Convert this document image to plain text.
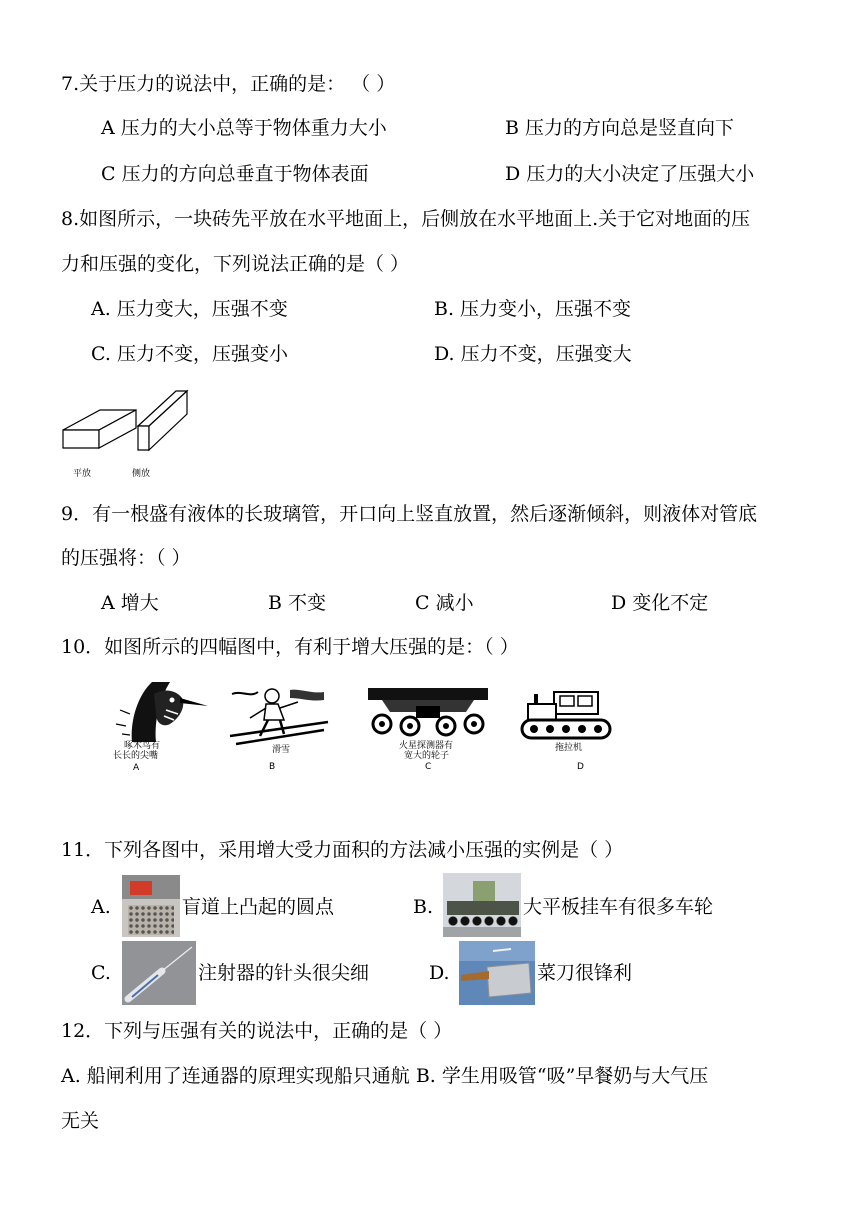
7.关于压力的说法中，正确的是： （ ）
A 压力的大小总等于物体重力大小	B 压力的方向总是竖直向下
C 压力的方向总垂直于物体表面	D 压力的大小决定了压强大小
8.如图所示，一块砖先平放在水平地面上，后侧放在水平地面上.关于它对地面的压
力和压强的变化，下列说法正确的是（ ）
A. 压力变大，压强不变	B. 压力变小，压强不变
C. 压力不变，压强变小	D. 压力不变，压强变大
平放	侧放
9．有一根盛有液体的长玻璃管，开口向上竖直放置，然后逐渐倾斜，则液体对管底
的压强将：（ ）
A 增大	B 不变	C 减小	D 变化不定
10．如图所示的四幅图中，有利于增大压强的是：（ ）
啄木鸟有
长长的尖嘴
A
滑雪
B
火星探测器有
宽大的轮子
C
拖拉机
D
11．下列各图中，采用增大受力面积的方法减小压强的实例是（ ）
A.	盲道上凸起的圆点	B.	大平板挂车有很多车轮
C.	注射器的针头很尖细	D.	菜刀很锋利
12．下列与压强有关的说法中，正确的是（ ）
A. 船闸利用了连通器的原理实现船只通航 B. 学生用吸管“吸”早餐奶与大气压
无关
